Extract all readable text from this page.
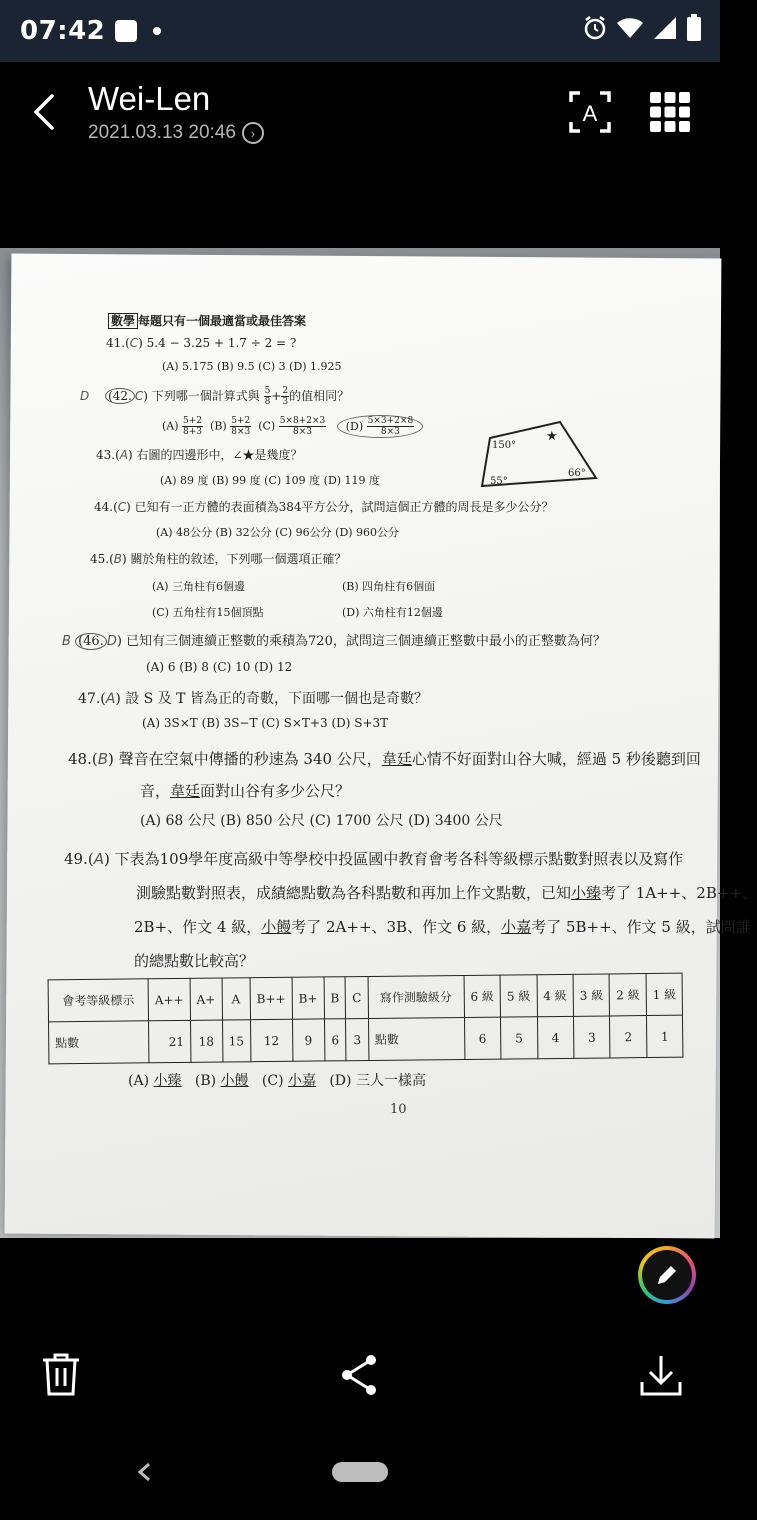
07:42
Wei-Len
2021.03.13 20:46	›
A
數學 每題只有一個最適當或最佳答案
41.(C) 5.4 − 3.25 + 1.7 ÷ 2 = ?
(A) 5.175 (B) 9.5 (C) 3 (D) 1.925
D (42. C) 下列哪一個計算式與 $\frac{5}{8} + \frac{2}{3}$ 的值相同？
$(A) \frac{5+2}{8+3} (B) \frac{5+2}{8\times 3} (C) \frac{5\times 8+2\times 3}{8\times 3} (D) \frac{5\times 3+2\times 8}{8\times 3}$
150°
55°
66°
★
43.(A) 右圖的四邊形中，∠★是幾度？
(A) 89 度 (B) 99 度 (C) 109 度 (D) 119 度
44.(C) 已知有一正方體的表面積為384平方公分，試問這個正方體的周長是多少公分？
(A) 48公分 (B) 32公分 (C) 96公分 (D) 960公分
45.(B) 關於角柱的敘述，下列哪一個選項正確？
(A) 三角柱有6個邊	(B) 四角柱有6個面
(C) 五角柱有15個頂點	(D) 六角柱有12個邊
B (46. D) 已知有三個連續正整數的乘積為720，試問這三個連續正整數中最小的正整數為何？
(A) 6 (B) 8 (C) 10 (D) 12
47.(A) 設 S 及 T 皆為正的奇數，下面哪一個也是奇數？
(A) 3S×T (B) 3S−T (C) S×T+3 (D) S+3T
48.(B) 聲音在空氣中傳播的秒速為 340 公尺，韋廷心情不好面對山谷大喊，經過 5 秒後聽到回
音，韋廷面對山谷有多少公尺？
(A) 68 公尺 (B) 850 公尺 (C) 1700 公尺 (D) 3400 公尺
49.(A) 下表為109學年度高級中等學校中投區國中教育會考各科等級標示點數對照表以及寫作
測驗點數對照表，成績總點數為各科點數和再加上作文點數，已知小臻考了 1A++、2B++、
2B+、作文 4 級，小饅考了 2A++、3B、作文 6 級，小嘉考了 5B++、作文 5 級，試問誰
的總點數比較高？
會考等級標示	A++	A+	A	B++	B+	B	C	寫作測驗級分	6 級	5 級	4 級	3 級	2 級	1 級
點數	21	18	15	12	9	6	3	點數	6	5	4	3	2	1
(A) 小臻 (B) 小饅 (C) 小嘉 (D) 三人一樣高
10
